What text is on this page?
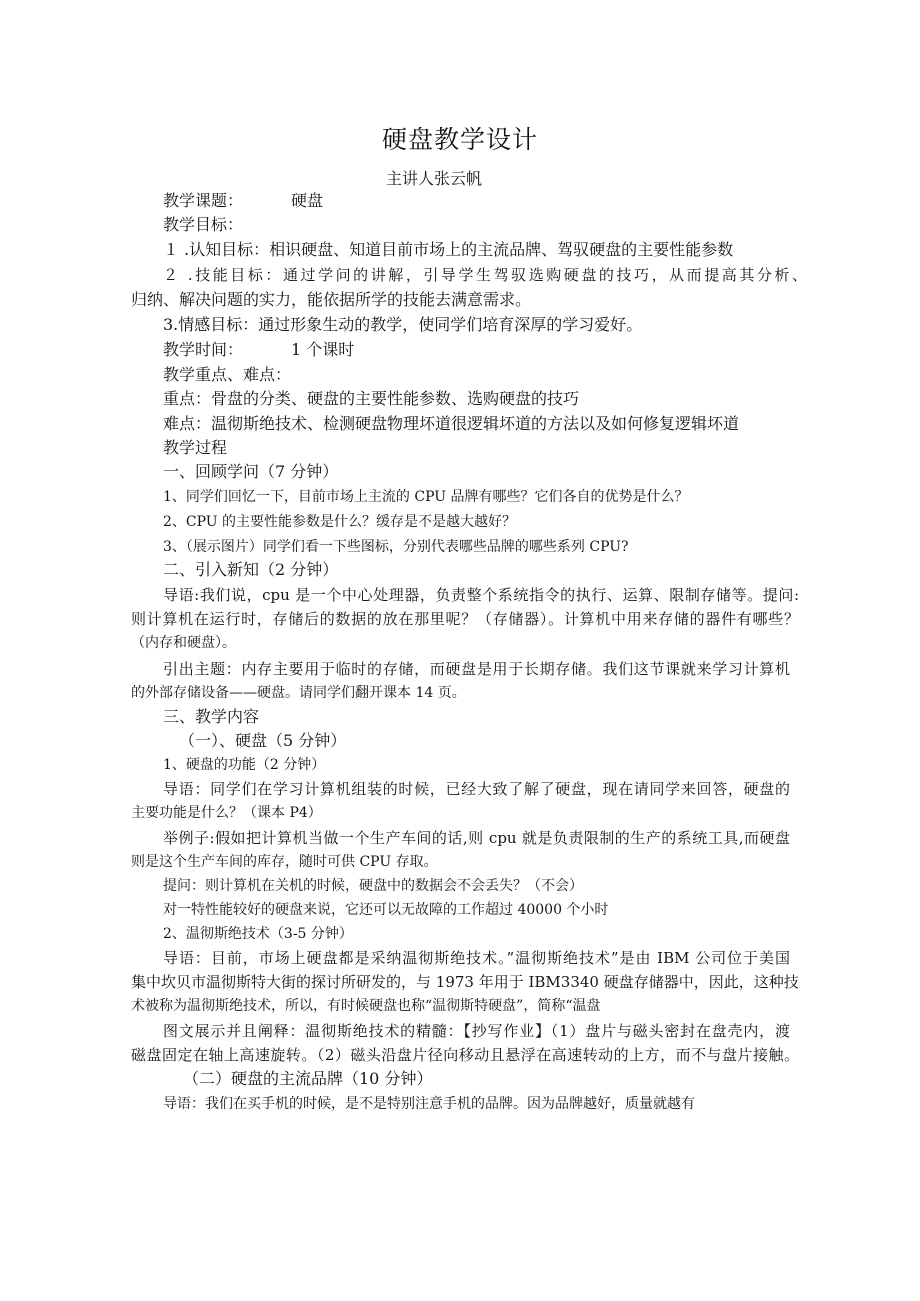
硬盘教学设计
主讲人张云帆
教学课题：	硬盘
教学目标：
１ .认知目标：相识硬盘、知道目前市场上的主流品牌、驾驭硬盘的主要性能参数
２ .技能目标：通过学问的讲解，引导学生驾驭选购硬盘的技巧，从而提高其分析、
归纳、解决问题的实力，能依据所学的技能去满意需求。
3.情感目标：通过形象生动的教学，使同学们培育深厚的学习爱好。
教学时间：	1 个课时
教学重点、难点：
重点：骨盘的分类、硬盘的主要性能参数、选购硬盘的技巧
难点：温彻斯绝技术、检测硬盘物理坏道很逻辑坏道的方法以及如何修复逻辑坏道
教学过程
一、回顾学问（7 分钟）
1、同学们回忆一下，目前市场上主流的 CPU 品牌有哪些？它们各自的优势是什么？
2、CPU 的主要性能参数是什么？缓存是不是越大越好？
3、（展示图片）同学们看一下些图标，分别代表哪些品牌的哪些系列 CPU?
二、引入新知（2 分钟）
导语:我们说，cpu 是一个中心处理器，负责整个系统指令的执行、运算、限制存储等。提问:
则计算机在运行时，存储后的数据的放在那里呢？（存储器）。计算机中用来存储的器件有哪些？
（内存和硬盘）。
引出主题：内存主要用于临时的存储，而硬盘是用于长期存储。我们这节课就来学习计算机
的外部存储设备——硬盘。请同学们翻开课本 14 页。
三、教学内容
（一）、硬盘（5 分钟）
1、硬盘的功能（2 分钟）
导语：同学们在学习计算机组装的时候，已经大致了解了硬盘，现在请同学来回答，硬盘的
主要功能是什么？（课本 P4）
举例子:假如把计算机当做一个生产车间的话,则 cpu 就是负责限制的生产的系统工具,而硬盘
则是这个生产车间的库存，随时可供 CPU 存取。
提问：则计算机在关机的时候，硬盘中的数据会不会丢失？（不会）
对一特性能较好的硬盘来说，它还可以无故障的工作超过 40000 个小时
2、温彻斯绝技术（3-5 分钟）
导语：目前，市场上硬盘都是采纳温彻斯绝技术。”温彻斯绝技术”是由 IBM 公司位于美国
集中坎贝市温彻斯特大街的探讨所研发的，与 1973 年用于 IBM3340 硬盘存储器中，因此，这种技
术被称为温彻斯绝技术，所以，有时候硬盘也称“温彻斯特硬盘”，简称“温盘
图文展示并且阐释：温彻斯绝技术的精髓：【抄写作业】（1）盘片与磁头密封在盘壳内，渡
磁盘固定在轴上高速旋转。（2）磁头沿盘片径向移动且悬浮在高速转动的上方，而不与盘片接触。
（二）硬盘的主流品牌（10 分钟）
导语：我们在买手机的时候，是不是特别注意手机的品牌。因为品牌越好，质量就越有
